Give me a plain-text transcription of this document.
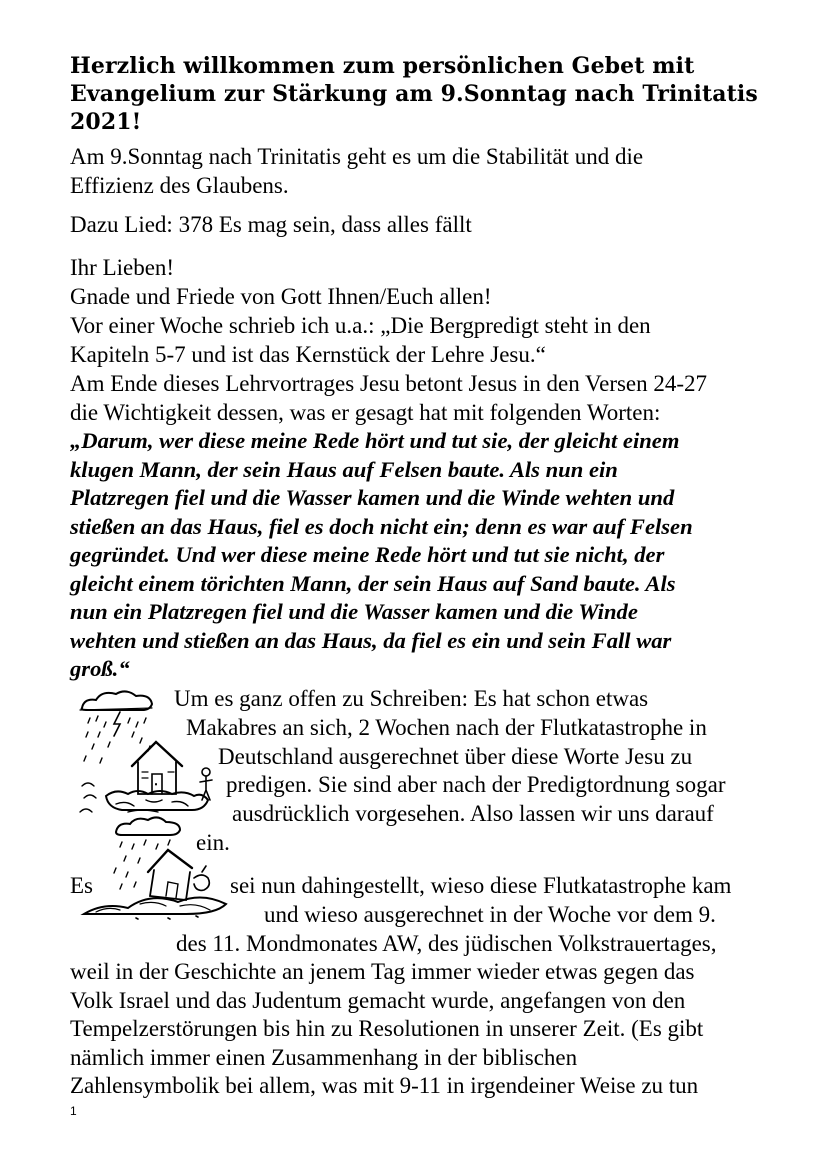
Herzlich willkommen zum persönlichen Gebet mit
Evangelium zur Stärkung am 9.Sonntag nach Trinitatis
2021!

Am 9.Sonntag nach Trinitatis geht es um die Stabilität und die

Effizienz des Glaubens.

Dazu Lied: 378 Es mag sein, dass alles fällt

Ihr Lieben!

Gnade und Friede von Gott Ihnen/Euch allen!

Vor einer Woche schrieb ich u.a.: „Die Bergpredigt steht in den

Kapiteln 5-7 und ist das Kernstück der Lehre Jesu.“

Am Ende dieses Lehrvortrages Jesu betont Jesus in den Versen 24-27

die Wichtigkeit dessen, was er gesagt hat mit folgenden Worten:

„Darum, wer diese meine Rede hört und tut sie, der gleicht einem

klugen Mann, der sein Haus auf Felsen baute. Als nun ein

Platzregen fiel und die Wasser kamen und die Winde wehten und

stießen an das Haus, fiel es doch nicht ein; denn es war auf Felsen

gegründet. Und wer diese meine Rede hört und tut sie nicht, der

gleicht einem törichten Mann, der sein Haus auf Sand baute. Als

nun ein Platzregen fiel und die Wasser kamen und die Winde

wehten und stießen an das Haus, da fiel es ein und sein Fall war

groß.“

Um es ganz offen zu Schreiben: Es hat schon etwas

Makabres an sich, 2 Wochen nach der Flutkatastrophe in

Deutschland ausgerechnet über diese Worte Jesu zu

predigen. Sie sind aber nach der Predigtordnung sogar

ausdrücklich vorgesehen. Also lassen wir uns darauf

ein.

Es	sei nun dahingestellt, wieso diese Flutkatastrophe kam

und wieso ausgerechnet in der Woche vor dem 9.

des 11. Mondmonates AW, des jüdischen Volkstrauertages,

weil in der Geschichte an jenem Tag immer wieder etwas gegen das

Volk Israel und das Judentum gemacht wurde, angefangen von den

Tempelzerstörungen bis hin zu Resolutionen in unserer Zeit. (Es gibt

nämlich immer einen Zusammenhang in der biblischen

Zahlensymbolik bei allem, was mit 9-11 in irgendeiner Weise zu tun

1
